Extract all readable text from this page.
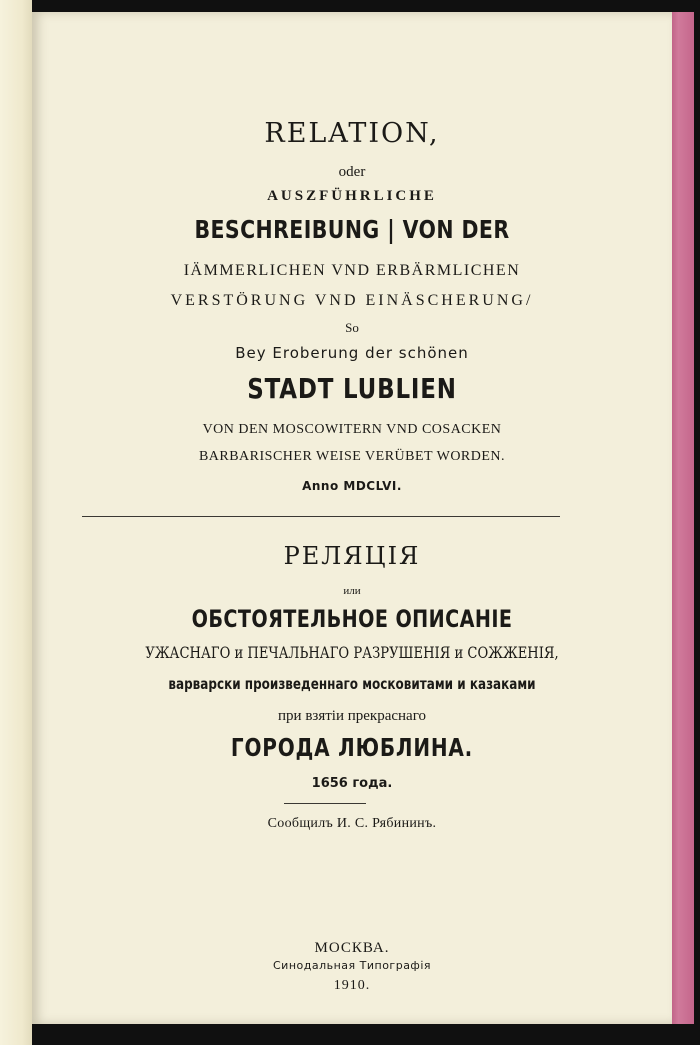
RELATION,
oder
AUSZFÜHRLICHE
BESCHREIBUNG | VON DER
IÄMMERLICHEN VND ERBÄRMLICHEN
VERSTÖRUNG VND EINÄSCHERUNG/
So
Bey Eroberung der schönen
STADT LUBLIEN
VON DEN MOSCOWITERN VND COSACKEN
BARBARISCHER WEISE VERÜBET WORDEN.
Anno MDCLVI.
РЕЛЯЦІЯ
или
ОБСТОЯТЕЛЬНОЕ ОПИСАНІЕ
УЖАСНАГО и ПЕЧАЛЬНАГО РАЗРУШЕНІЯ и СОЖЖЕНІЯ,
варварски произведеннаго московитами и казаками
при взятіи прекраснаго
ГОРОДА ЛЮБЛИНА.
1656 года.
Сообщилъ И. С. Рябининъ.
МОСКВА.
Синодальная Типографія
1910.
